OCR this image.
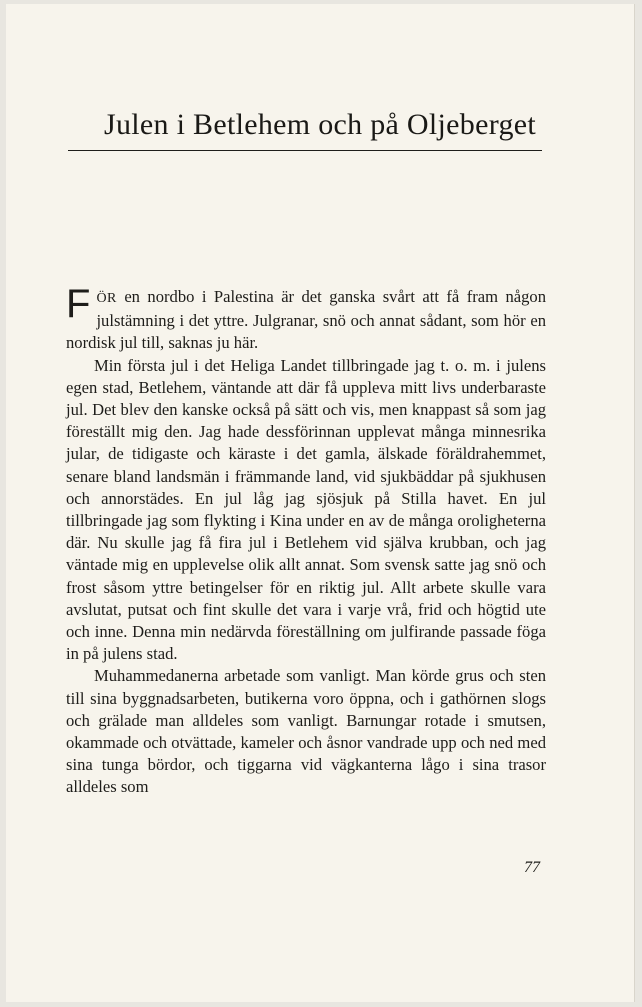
Julen i Betlehem och på Oljeberget

FÖR en nordbo i Palestina är det ganska svårt att få fram någon julstämning i det yttre. Julgranar, snö och annat sådant, som hör en nordisk jul till, saknas ju här.

Min första jul i det Heliga Landet tillbringade jag t. o. m. i julens egen stad, Betlehem, väntande att där få uppleva mitt livs underbaraste jul. Det blev den kanske också på sätt och vis, men knappast så som jag föreställt mig den. Jag hade dessförinnan upplevat många minnesrika jular, de tidigaste och käraste i det gamla, älskade föräldrahemmet, senare bland landsmän i främmande land, vid sjukbäddar på sjukhusen och annorstädes. En jul låg jag sjösjuk på Stilla havet. En jul tillbringade jag som flykting i Kina under en av de många oroligheterna där. Nu skulle jag få fira jul i Betlehem vid själva krubban, och jag väntade mig en upplevelse olik allt annat. Som svensk satte jag snö och frost såsom yttre betingelser för en riktig jul. Allt arbete skulle vara avslutat, putsat och fint skulle det vara i varje vrå, frid och högtid ute och inne. Denna min nedärvda föreställning om julfirande passade föga in på julens stad.

Muhammedanerna arbetade som vanligt. Man körde grus och sten till sina byggnadsarbeten, butikerna voro öppna, och i gathörnen slogs och grälade man alldeles som vanligt. Barnungar rotade i smutsen, okammade och otvättade, kameler och åsnor vandrade upp och ned med sina tunga bördor, och tiggarna vid vägkanterna lågo i sina trasor alldeles som

77
